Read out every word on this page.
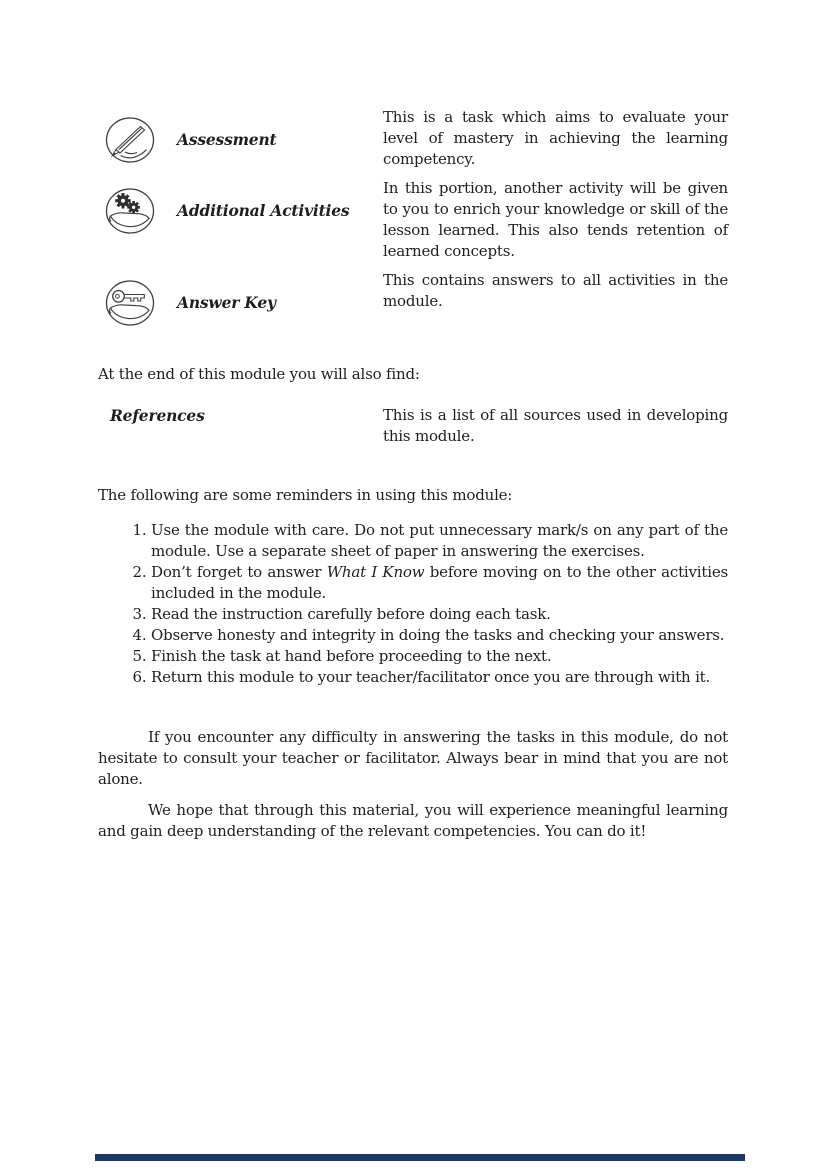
Assessment
This is a task which aims to evaluate your level of mastery in achieving the learning competency.
Additional Activities
In this portion, another activity will be given to you to enrich your knowledge or skill of the lesson learned. This also tends retention of learned concepts.
Answer Key
This contains answers to all activities in the module.

At the end of this module you will also find:

References	This is a list of all sources used in developing this module.

The following are some reminders in using this module:

1. Use the module with care. Do not put unnecessary mark/s on any part of the module. Use a separate sheet of paper in answering the exercises.
2. Don’t forget to answer What I Know before moving on to the other activities included in the module.
3. Read the instruction carefully before doing each task.
4. Observe honesty and integrity in doing the tasks and checking your answers.
5. Finish the task at hand before proceeding to the next.
6. Return this module to your teacher/facilitator once you are through with it.

If you encounter any difficulty in answering the tasks in this module, do not hesitate to consult your teacher or facilitator. Always bear in mind that you are not alone.

We hope that through this material, you will experience meaningful learning and gain deep understanding of the relevant competencies. You can do it!
